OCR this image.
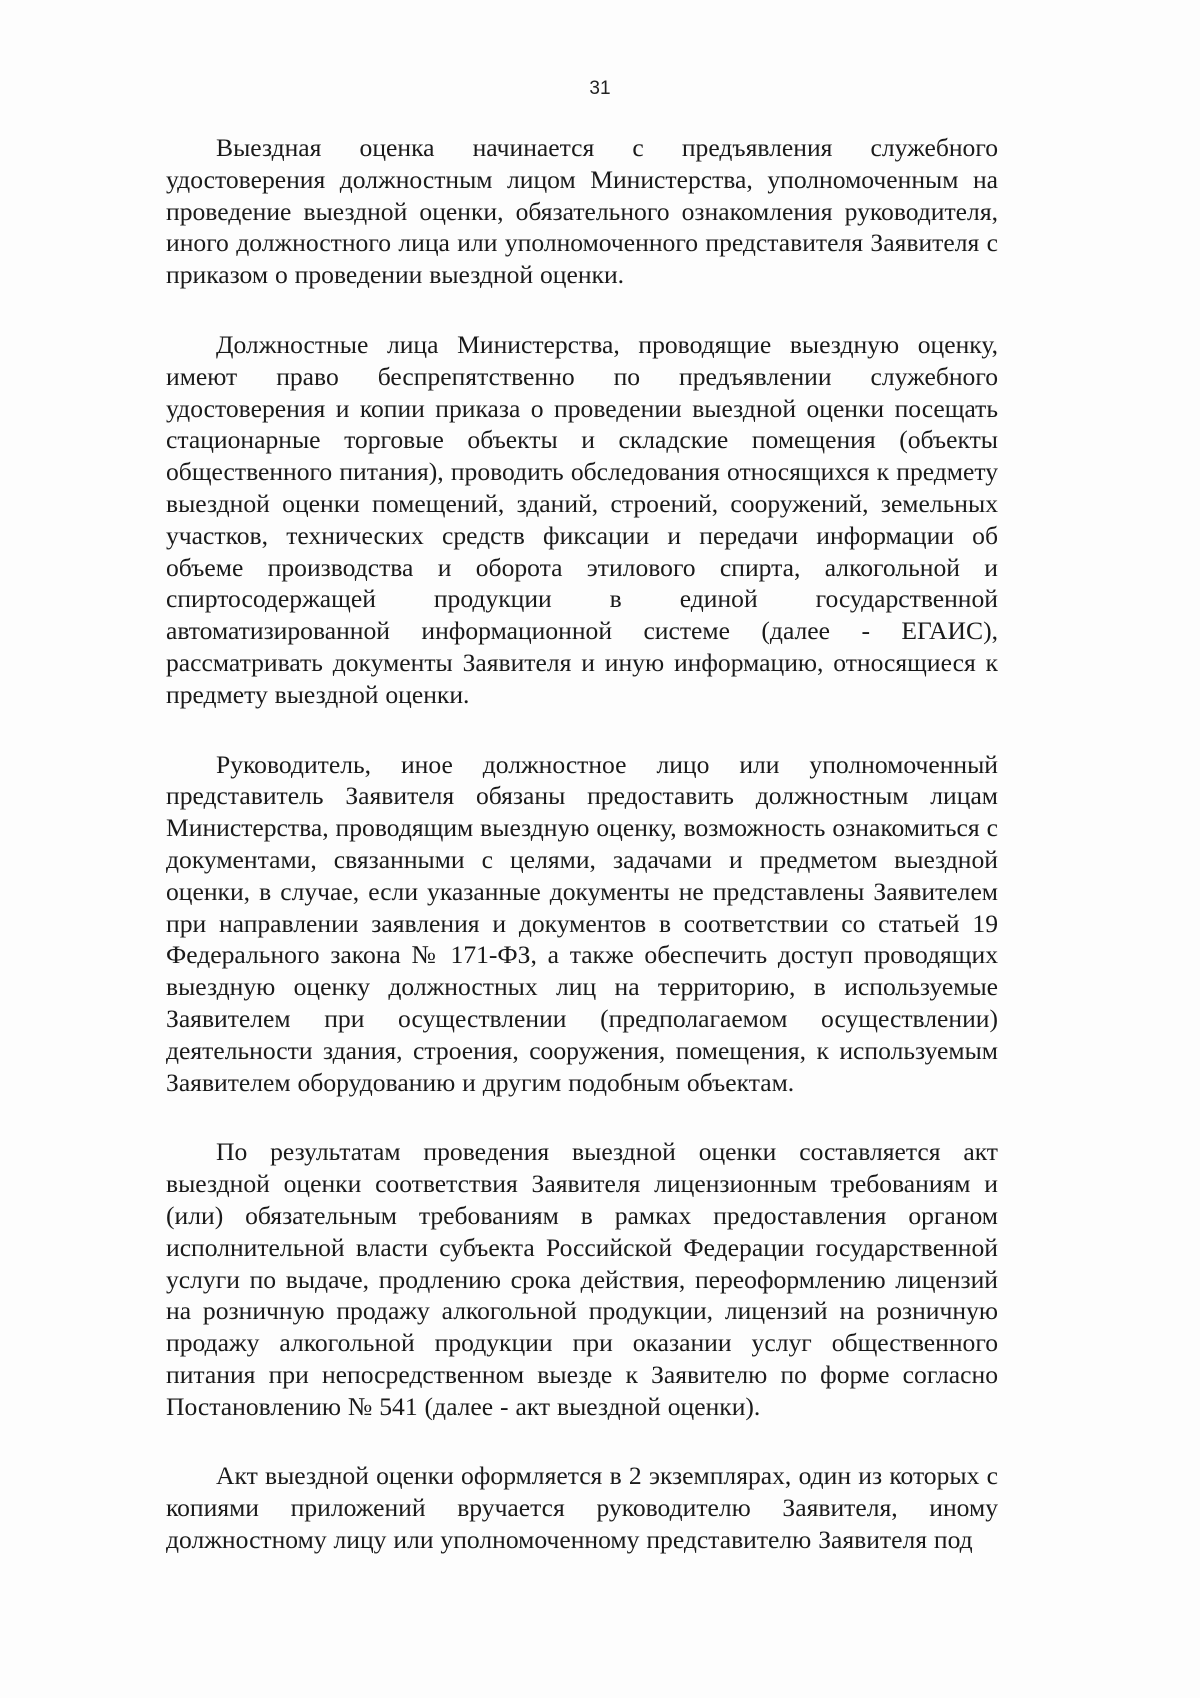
31

Выездная оценка начинается с предъявления служебного удостоверения должностным лицом Министерства, уполномоченным на проведение выездной оценки, обязательного ознакомления руководителя, иного должностного лица или уполномоченного представителя Заявителя с приказом о проведении выездной оценки.

Должностные лица Министерства, проводящие выездную оценку, имеют право беспрепятственно по предъявлении служебного удостоверения и копии приказа о проведении выездной оценки посещать стационарные торговые объекты и складские помещения (объекты общественного питания), проводить обследования относящихся к предмету выездной оценки помещений, зданий, строений, сооружений, земельных участков, технических средств фиксации и передачи информации об объеме производства и оборота этилового спирта, алкогольной и спиртосодержащей продукции в единой государственной автоматизированной информационной системе (далее - ЕГАИС), рассматривать документы Заявителя и иную информацию, относящиеся к предмету выездной оценки.

Руководитель, иное должностное лицо или уполномоченный представитель Заявителя обязаны предоставить должностным лицам Министерства, проводящим выездную оценку, возможность ознакомиться с документами, связанными с целями, задачами и предметом выездной оценки, в случае, если указанные документы не представлены Заявителем при направлении заявления и документов в соответствии со статьей 19 Федерального закона № 171-ФЗ, а также обеспечить доступ проводящих выездную оценку должностных лиц на территорию, в используемые Заявителем при осуществлении (предполагаемом осуществлении) деятельности здания, строения, сооружения, помещения, к используемым Заявителем оборудованию и другим подобным объектам.

По результатам проведения выездной оценки составляется акт выездной оценки соответствия Заявителя лицензионным требованиям и (или) обязательным требованиям в рамках предоставления органом исполнительной власти субъекта Российской Федерации государственной услуги по выдаче, продлению срока действия, переоформлению лицензий на розничную продажу алкогольной продукции, лицензий на розничную продажу алкогольной продукции при оказании услуг общественного питания при непосредственном выезде к Заявителю по форме согласно Постановлению № 541 (далее - акт выездной оценки).

Акт выездной оценки оформляется в 2 экземплярах, один из которых с копиями приложений вручается руководителю Заявителя, иному должностному лицу или уполномоченному представителю Заявителя под
